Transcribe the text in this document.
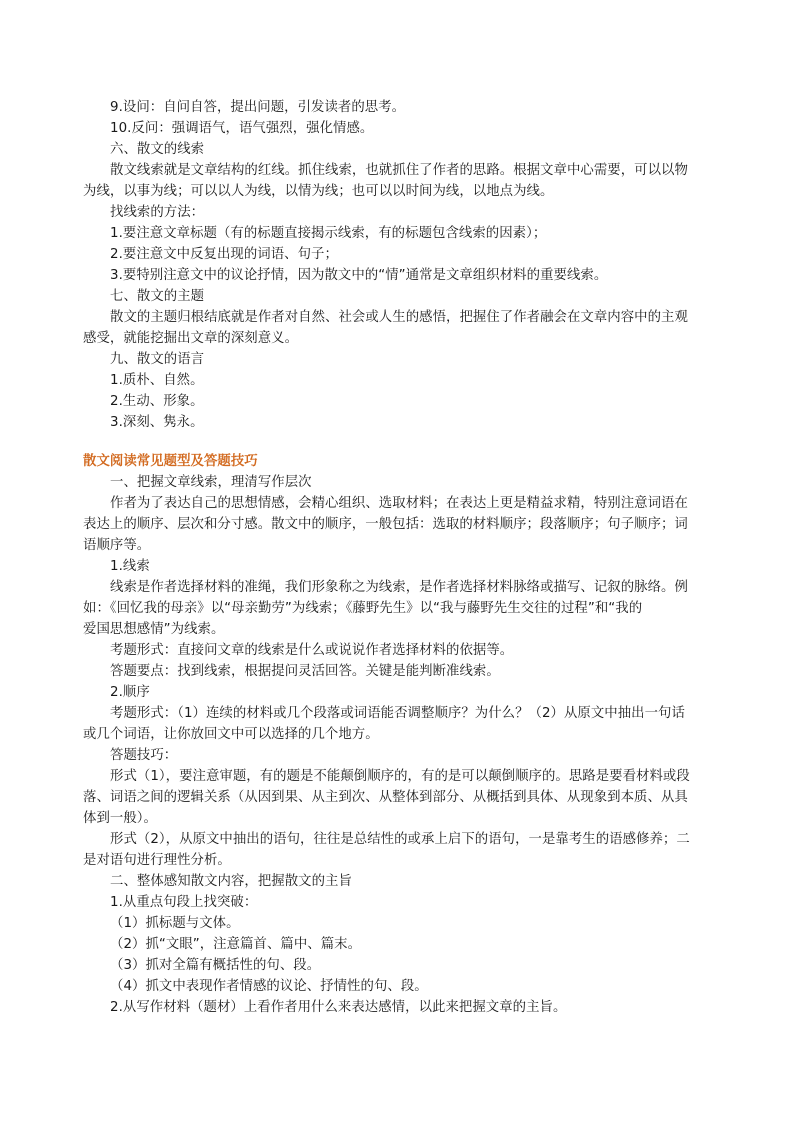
9.设问：自问自答，提出问题，引发读者的思考。
10.反问：强调语气，语气强烈，强化情感。
六、散文的线索
散文线索就是文章结构的红线。抓住线索，也就抓住了作者的思路。根据文章中心需要，可以以物
为线，以事为线；可以以人为线，以情为线；也可以以时间为线，以地点为线。
找线索的方法：
1.要注意文章标题（有的标题直接揭示线索，有的标题包含线索的因素）；
2.要注意文中反复出现的词语、句子；
3.要特别注意文中的议论抒情，因为散文中的“情”通常是文章组织材料的重要线索。
七、散文的主题
散文的主题归根结底就是作者对自然、社会或人生的感悟，把握住了作者融会在文章内容中的主观
感受，就能挖掘出文章的深刻意义。
九、散文的语言
1.质朴、自然。
2.生动、形象。
3.深刻、隽永。
散文阅读常见题型及答题技巧
一、把握文章线索，理清写作层次
作者为了表达自己的思想情感，会精心组织、选取材料；在表达上更是精益求精，特别注意词语在
表达上的顺序、层次和分寸感。散文中的顺序，一般包括：选取的材料顺序；段落顺序；句子顺序；词
语顺序等。
1.线索
线索是作者选择材料的准绳，我们形象称之为线索，是作者选择材料脉络或描写、记叙的脉络。例
如：《回忆我的母亲》以“母亲勤劳”为线索；《藤野先生》以“我与藤野先生交往的过程”和“我的
爱国思想感情”为线索。
考题形式：直接问文章的线索是什么或说说作者选择材料的依据等。
答题要点：找到线索，根据提问灵活回答。关键是能判断准线索。
2.顺序
考题形式：（1）连续的材料或几个段落或词语能否调整顺序？为什么？（2）从原文中抽出一句话
或几个词语，让你放回文中可以选择的几个地方。
答题技巧：
形式（1），要注意审题，有的题是不能颠倒顺序的，有的是可以颠倒顺序的。思路是要看材料或段
落、词语之间的逻辑关系（从因到果、从主到次、从整体到部分、从概括到具体、从现象到本质、从具
体到一般）。
形式（2），从原文中抽出的语句，往往是总结性的或承上启下的语句，一是靠考生的语感修养；二
是对语句进行理性分析。
二、整体感知散文内容，把握散文的主旨
1.从重点句段上找突破：
（1）抓标题与文体。
（2）抓“文眼”，注意篇首、篇中、篇末。
（3）抓对全篇有概括性的句、段。
（4）抓文中表现作者情感的议论、抒情性的句、段。
2.从写作材料（题材）上看作者用什么来表达感情，以此来把握文章的主旨。
